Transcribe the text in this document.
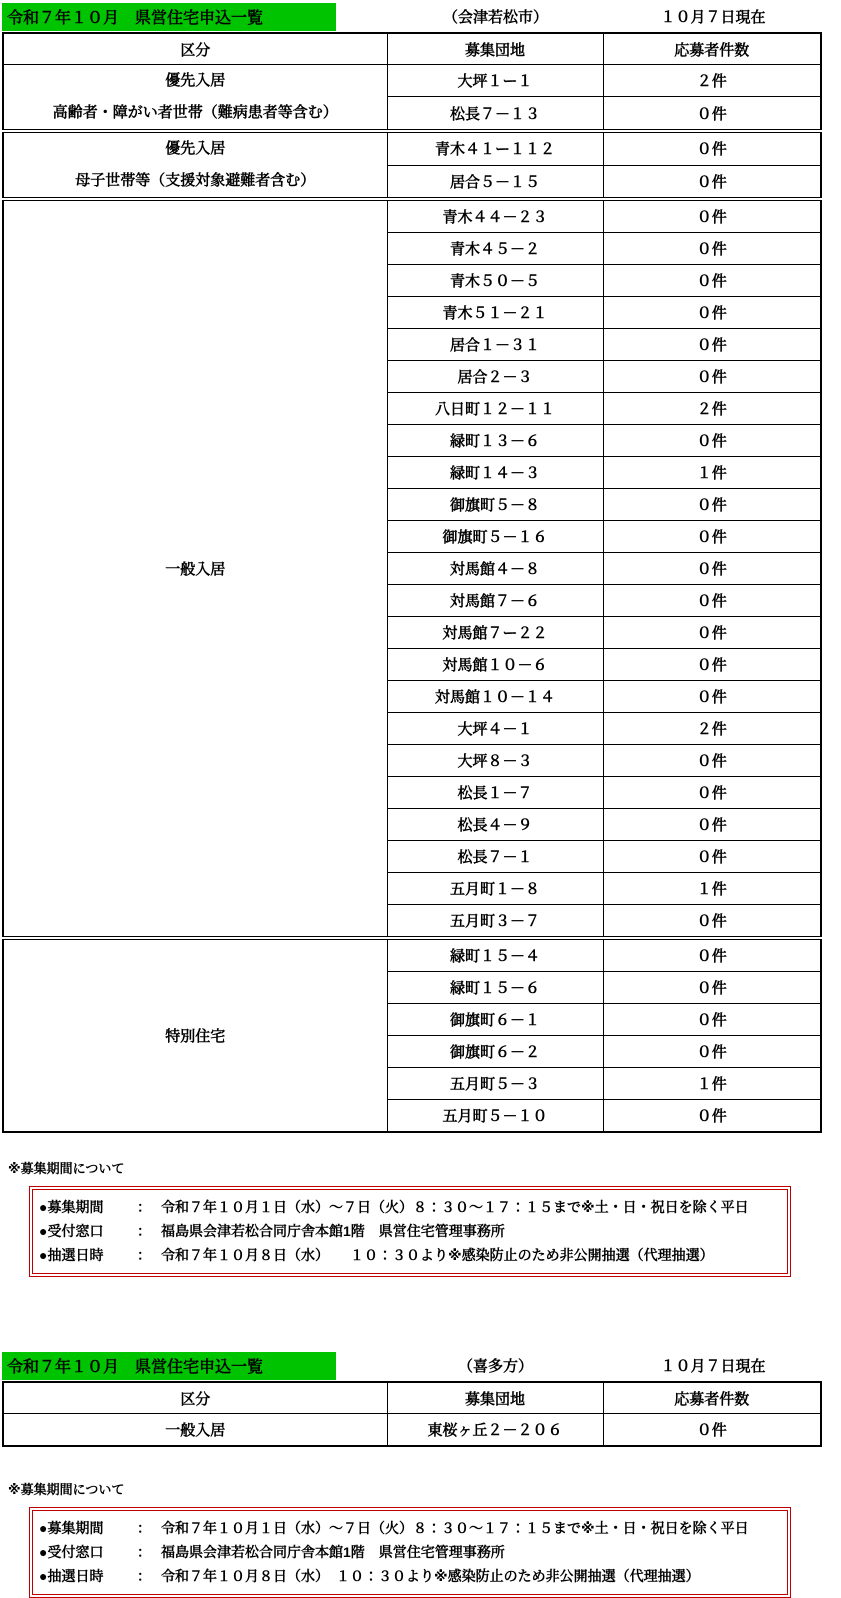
令和７年１０月　県営住宅申込一覧	（会津若松市）	１０月７日現在
区分	募集団地	応募者件数

優先入居
高齢者・障がい者世帯（難病患者等含む）	大坪１ー１	２件
	松長７－１３	０件

優先入居
母子世帯等（支援対象避難者含む）	青木４１ー１１２	０件
	居合５－１５	０件
一般入居	青木４４－２３	０件
	青木４５－２	０件
	青木５０－５	０件
	青木５１－２１	０件
	居合１－３１	０件
	居合２－３	０件
	八日町１２－１１	２件
	緑町１３－６	０件
	緑町１４－３	１件
	御旗町５－８	０件
	御旗町５－１６	０件
	対馬館４－８	０件
	対馬館７－６	０件
	対馬館７ー２２	０件
	対馬館１０－６	０件
	対馬館１０－１４	０件
	大坪４－１	２件
	大坪８－３	０件
	松長１－７	０件
	松長４－９	０件
	松長７－１	０件
	五月町１－８	１件
	五月町３－７	０件
特別住宅	緑町１５－４	０件
	緑町１５－６	０件
	御旗町６－１	０件
	御旗町６－２	０件
	五月町５－３	１件
	五月町５－１０	０件
※募集期間について
●募集期間	： 令和７年１０月１日（水）～７日（火）８：３０～１７：１５まで※土・日・祝日を除く平日
●受付窓口	： 福島県会津若松合同庁舎本館1階　県営住宅管理事務所
●抽選日時	： 令和７年１０月８日（水）　　１０：３０より※感染防止のため非公開抽選（代理抽選）
令和７年１０月　県営住宅申込一覧	（喜多方）	１０月７日現在
区分	募集団地	応募者件数
一般入居	東桜ヶ丘２－２０６	０件
※募集期間について
●募集期間	： 令和７年１０月１日（水）～７日（火）８：３０～１７：１５まで※土・日・祝日を除く平日
●受付窓口	： 福島県会津若松合同庁舎本館1階　県営住宅管理事務所
●抽選日時	： 令和７年１０月８日（水）　１０：３０より※感染防止のため非公開抽選（代理抽選）
